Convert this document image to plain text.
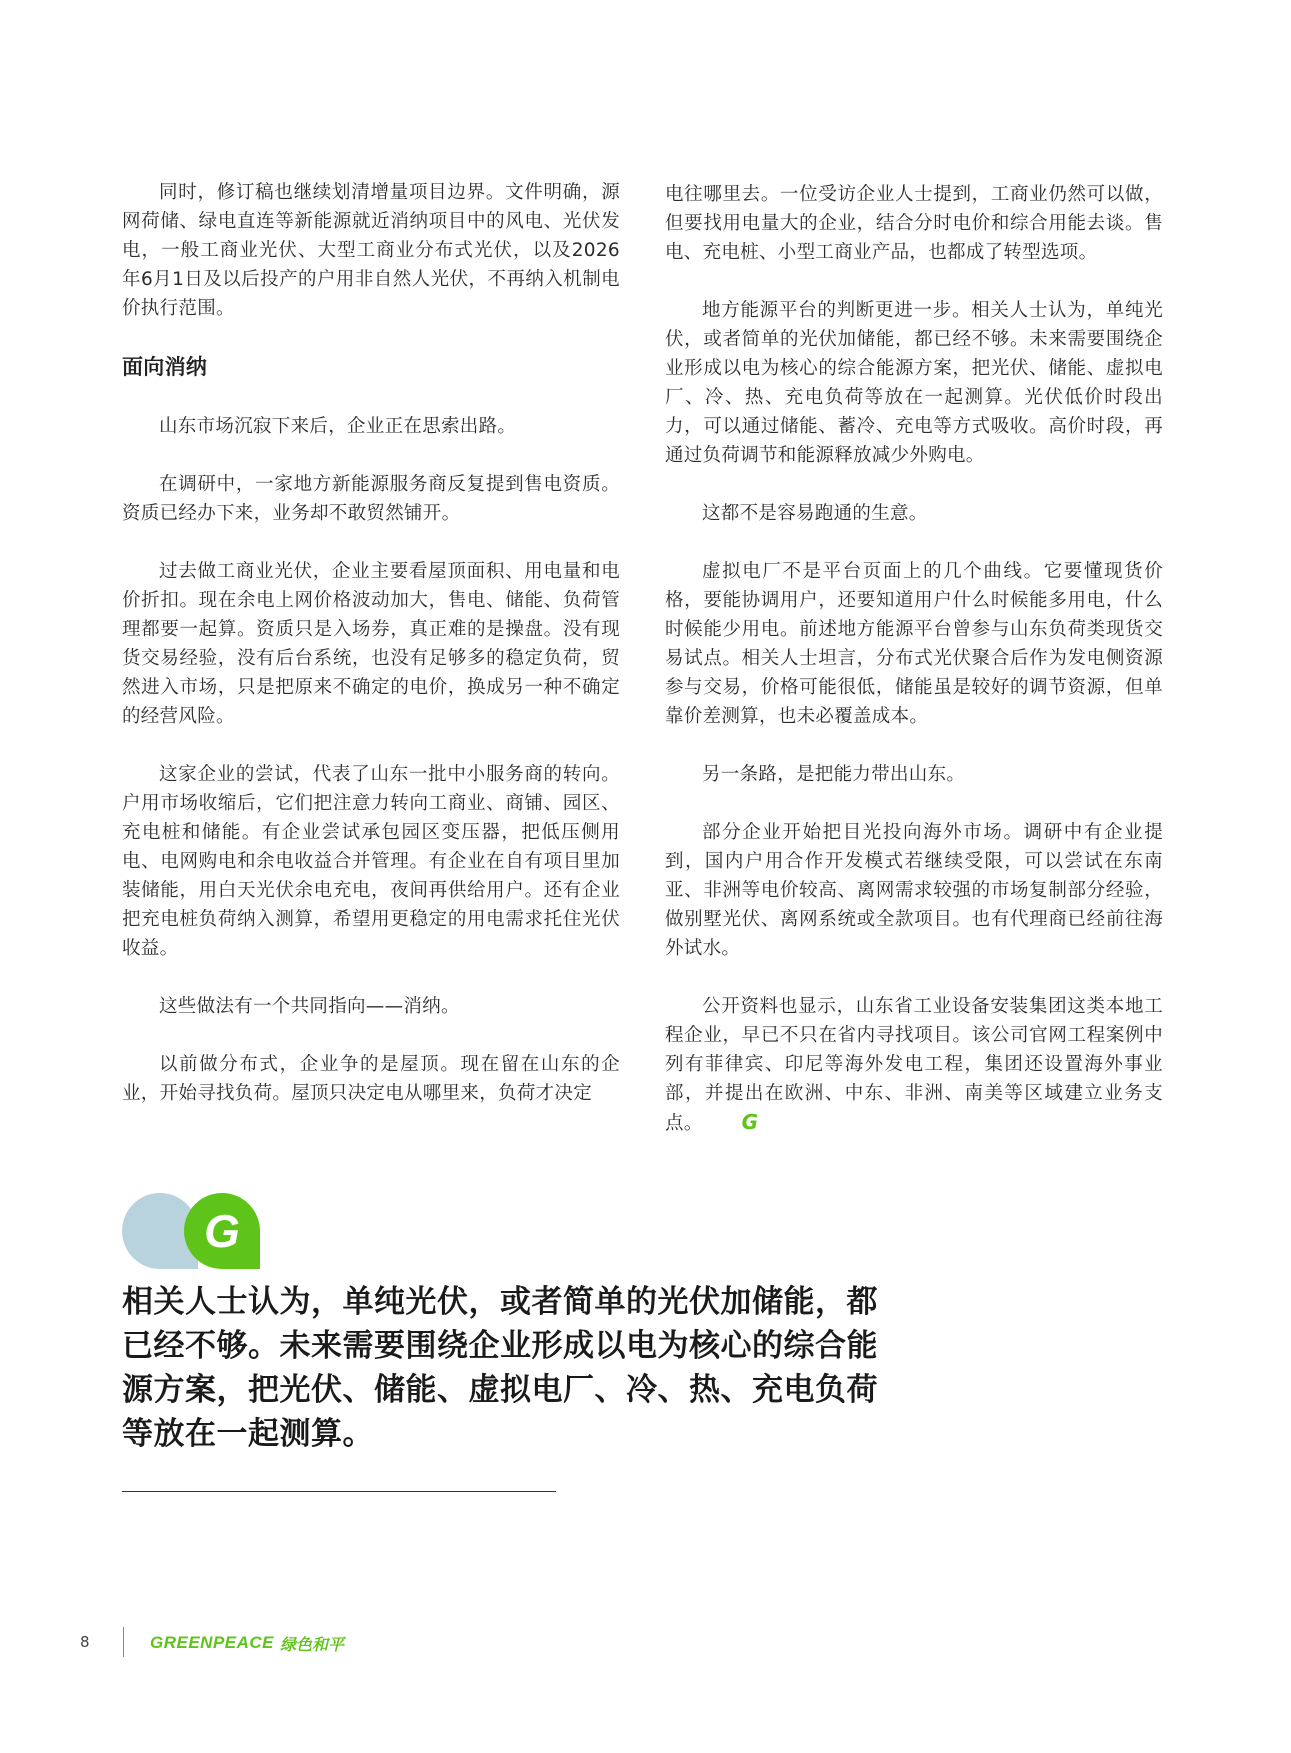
同时，修订稿也继续划清增量项目边界。文件明确，源网荷储、绿电直连等新能源就近消纳项目中的风电、光伏发电，一般工商业光伏、大型工商业分布式光伏，以及2026年6月1日及以后投产的户用非自然人光伏，不再纳入机制电价执行范围。

面向消纳

山东市场沉寂下来后，企业正在思索出路。

在调研中，一家地方新能源服务商反复提到售电资质。资质已经办下来，业务却不敢贸然铺开。

过去做工商业光伏，企业主要看屋顶面积、用电量和电价折扣。现在余电上网价格波动加大，售电、储能、负荷管理都要一起算。资质只是入场券，真正难的是操盘。没有现货交易经验，没有后台系统，也没有足够多的稳定负荷，贸然进入市场，只是把原来不确定的电价，换成另一种不确定的经营风险。

这家企业的尝试，代表了山东一批中小服务商的转向。户用市场收缩后，它们把注意力转向工商业、商铺、园区、充电桩和储能。有企业尝试承包园区变压器，把低压侧用电、电网购电和余电收益合并管理。有企业在自有项目里加装储能，用白天光伏余电充电，夜间再供给用户。还有企业把充电桩负荷纳入测算，希望用更稳定的用电需求托住光伏收益。

这些做法有一个共同指向——消纳。

以前做分布式，企业争的是屋顶。现在留在山东的企业，开始寻找负荷。屋顶只决定电从哪里来，负荷才决定

电往哪里去。一位受访企业人士提到，工商业仍然可以做，但要找用电量大的企业，结合分时电价和综合用能去谈。售电、充电桩、小型工商业产品，也都成了转型选项。

地方能源平台的判断更进一步。相关人士认为，单纯光伏，或者简单的光伏加储能，都已经不够。未来需要围绕企业形成以电为核心的综合能源方案，把光伏、储能、虚拟电厂、冷、热、充电负荷等放在一起测算。光伏低价时段出力，可以通过储能、蓄冷、充电等方式吸收。高价时段，再通过负荷调节和能源释放减少外购电。

这都不是容易跑通的生意。

虚拟电厂不是平台页面上的几个曲线。它要懂现货价格，要能协调用户，还要知道用户什么时候能多用电，什么时候能少用电。前述地方能源平台曾参与山东负荷类现货交易试点。相关人士坦言，分布式光伏聚合后作为发电侧资源参与交易，价格可能很低，储能虽是较好的调节资源，但单靠价差测算，也未必覆盖成本。

另一条路，是把能力带出山东。

部分企业开始把目光投向海外市场。调研中有企业提到，国内户用合作开发模式若继续受限，可以尝试在东南亚、非洲等电价较高、离网需求较强的市场复制部分经验，做别墅光伏、离网系统或全款项目。也有代理商已经前往海外试水。

公开资料也显示，山东省工业设备安装集团这类本地工程企业，早已不只在省内寻找项目。该公司官网工程案例中列有菲律宾、印尼等海外发电工程，集团还设置海外事业部，并提出在欧洲、中东、非洲、南美等区域建立业务支点。 G

G
相关人士认为，单纯光伏，或者简单的光伏加储能，都已经不够。未来需要围绕企业形成以电为核心的综合能源方案，把光伏、储能、虚拟电厂、冷、热、充电负荷等放在一起测算。
8	GREENPEACE 绿色和平
